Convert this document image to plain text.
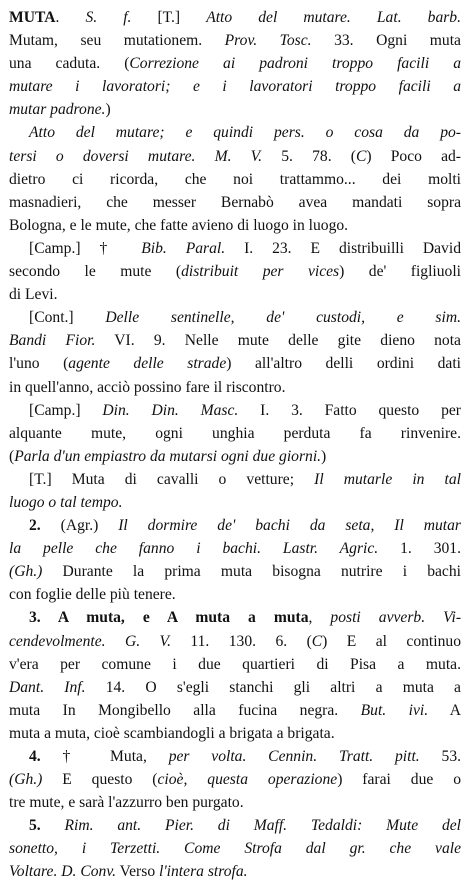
MUTA. S. f. [T.] Atto del mutare. Lat. barb.
Mutam, seu mutationem. Prov. Tosc. 33. Ogni muta
una caduta. (Correzione ai padroni troppo facili a
mutare i lavoratori; e i lavoratori troppo facili a
mutar padrone.)
Atto del mutare; e quindi pers. o cosa da po-
tersi o doversi mutare. M. V. 5. 78. (C) Poco ad-
dietro ci ricorda, che noi trattammo... dei molti
masnadieri, che messer Bernabò avea mandati sopra
Bologna, e le mute, che fatte avieno di luogo in luogo.
[Camp.] † Bib. Paral. I. 23. E distribuilli David
secondo le mute (distribuit per vices) de' figliuoli
di Levi.
[Cont.] Delle sentinelle, de' custodi, e sim.
Bandi Fior. VI. 9. Nelle mute delle gite dieno nota
l'uno (agente delle strade) all'altro delli ordini dati
in quell'anno, acciò possino fare il riscontro.
[Camp.] Din. Din. Masc. I. 3. Fatto questo per
alquante mute, ogni unghia perduta fa rinvenire.
(Parla d'un empiastro da mutarsi ogni due giorni.)
[T.] Muta di cavalli o vetture; Il mutarle in tal
luogo o tal tempo.
2. (Agr.) Il dormire de' bachi da seta, Il mutar
la pelle che fanno i bachi. Lastr. Agric. 1. 301.
(Gh.) Durante la prima muta bisogna nutrire i bachi
con foglie delle più tenere.
3. A muta, e A muta a muta, posti avverb. Vi-
cendevolmente. G. V. 11. 130. 6. (C) E al continuo
v'era per comune i due quartieri di Pisa a muta.
Dant. Inf. 14. O s'egli stanchi gli altri a muta a
muta In Mongibello alla fucina negra. But. ivi. A
muta a muta, cioè scambiandogli a brigata a brigata.
4. † Muta, per volta. Cennin. Tratt. pitt. 53.
(Gh.) E questo (cioè, questa operazione) farai due o
tre mute, e sarà l'azzurro ben purgato.
5. Rim. ant. Pier. di Maff. Tedaldi: Mute del
sonetto, i Terzetti. Come Strofa dal gr. che vale
Voltare. D. Conv. Verso l'intera strofa.
